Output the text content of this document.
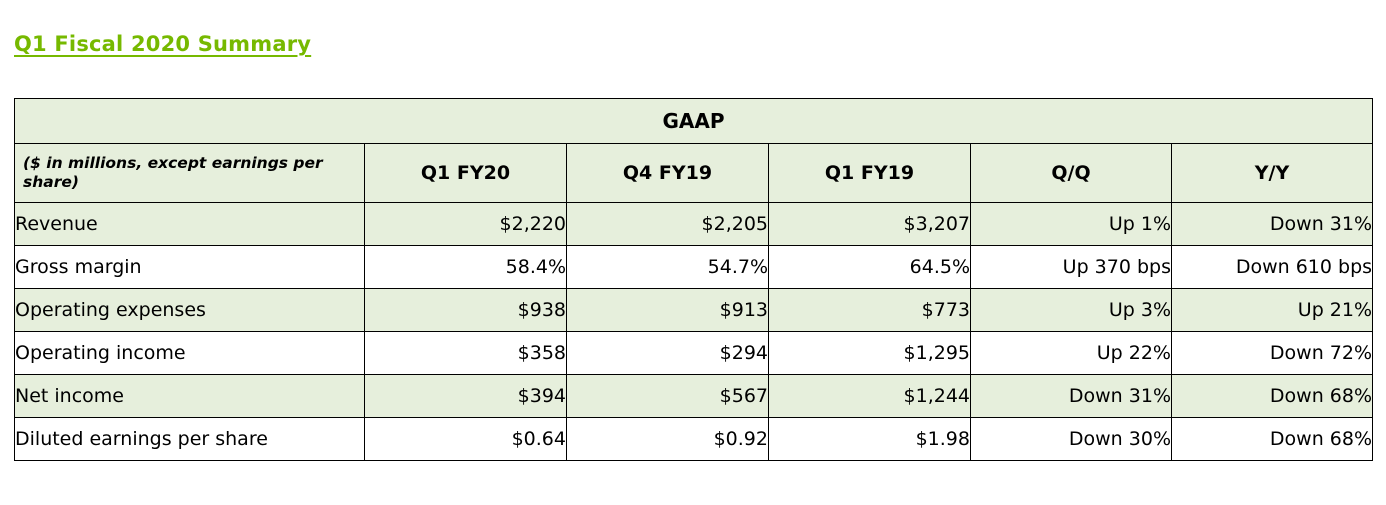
Q1 Fiscal 2020 Summary
GAAP					
($ in millions, except earnings per share)	Q1 FY20	Q4 FY19	Q1 FY19	Q/Q	Y/Y
Revenue	$2,220	$2,205	$3,207	Up 1%	Down 31%
Gross margin	58.4%	54.7%	64.5%	Up 370 bps	Down 610 bps
Operating expenses	$938	$913	$773	Up 3%	Up 21%
Operating income	$358	$294	$1,295	Up 22%	Down 72%
Net income	$394	$567	$1,244	Down 31%	Down 68%
Diluted earnings per share	$0.64	$0.92	$1.98	Down 30%	Down 68%
